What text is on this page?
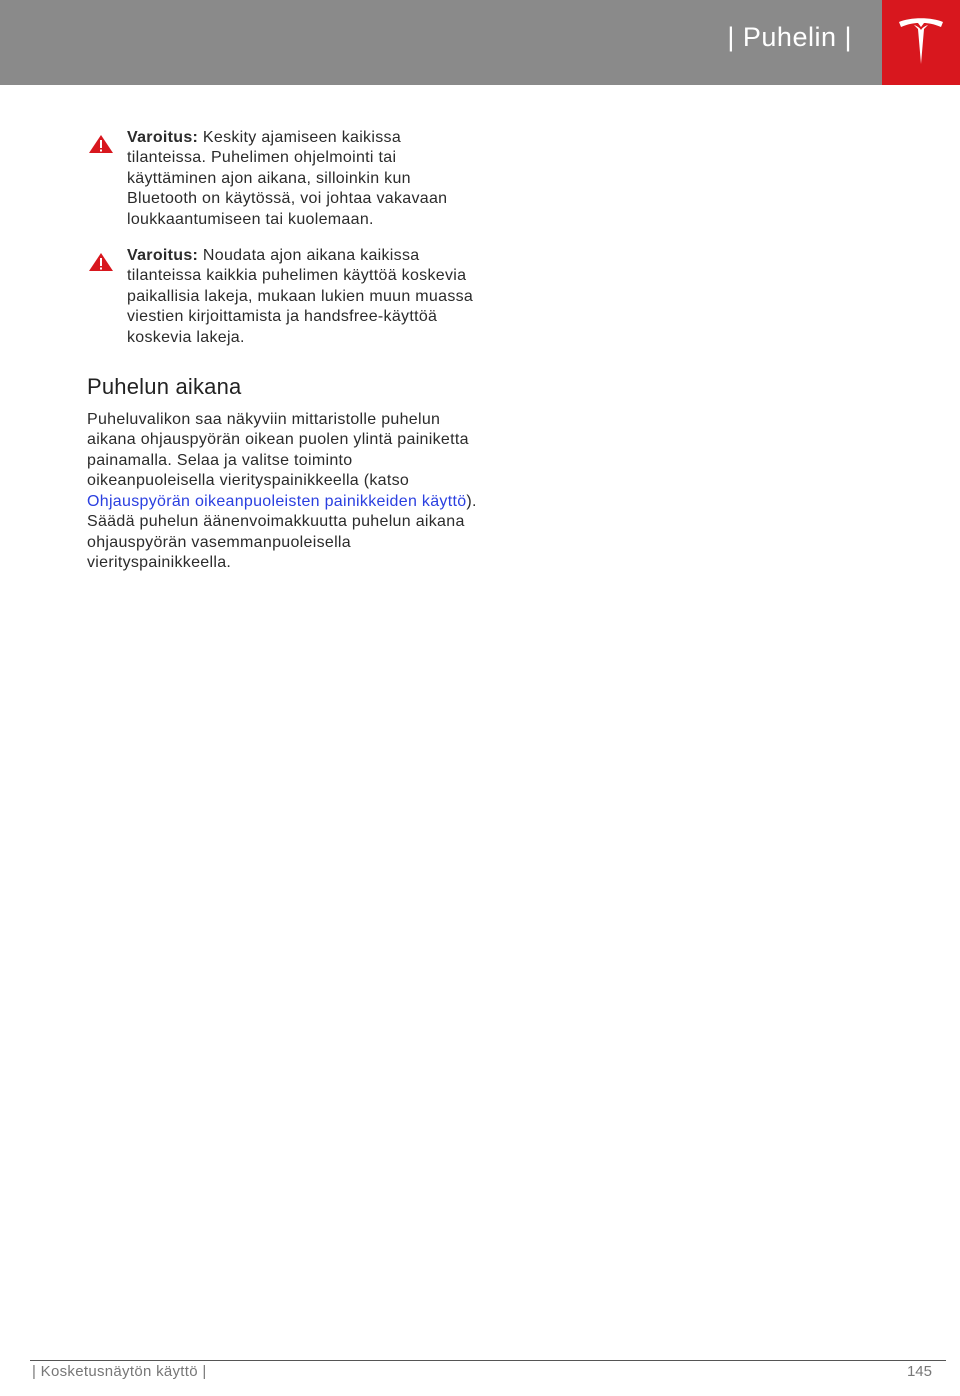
| Puhelin |
Varoitus: Keskity ajamiseen kaikissa tilanteissa. Puhelimen ohjelmointi tai käyttäminen ajon aikana, silloinkin kun Bluetooth on käytössä, voi johtaa vakavaan loukkaantumiseen tai kuolemaan.
Varoitus: Noudata ajon aikana kaikissa tilanteissa kaikkia puhelimen käyttöä koskevia paikallisia lakeja, mukaan lukien muun muassa viestien kirjoittamista ja handsfree-käyttöä koskevia lakeja.
Puhelun aikana
Puheluvalikon saa näkyviin mittaristolle puhelun aikana ohjauspyörän oikean puolen ylintä painiketta painamalla. Selaa ja valitse toiminto oikeanpuoleisella vierityspainikkeella (katso Ohjauspyörän oikeanpuoleisten painikkeiden käyttö). Säädä puhelun äänenvoimakkuutta puhelun aikana ohjauspyörän vasemmanpuoleisella vierityspainikkeella.
| Kosketusnäytön käyttö |	145
